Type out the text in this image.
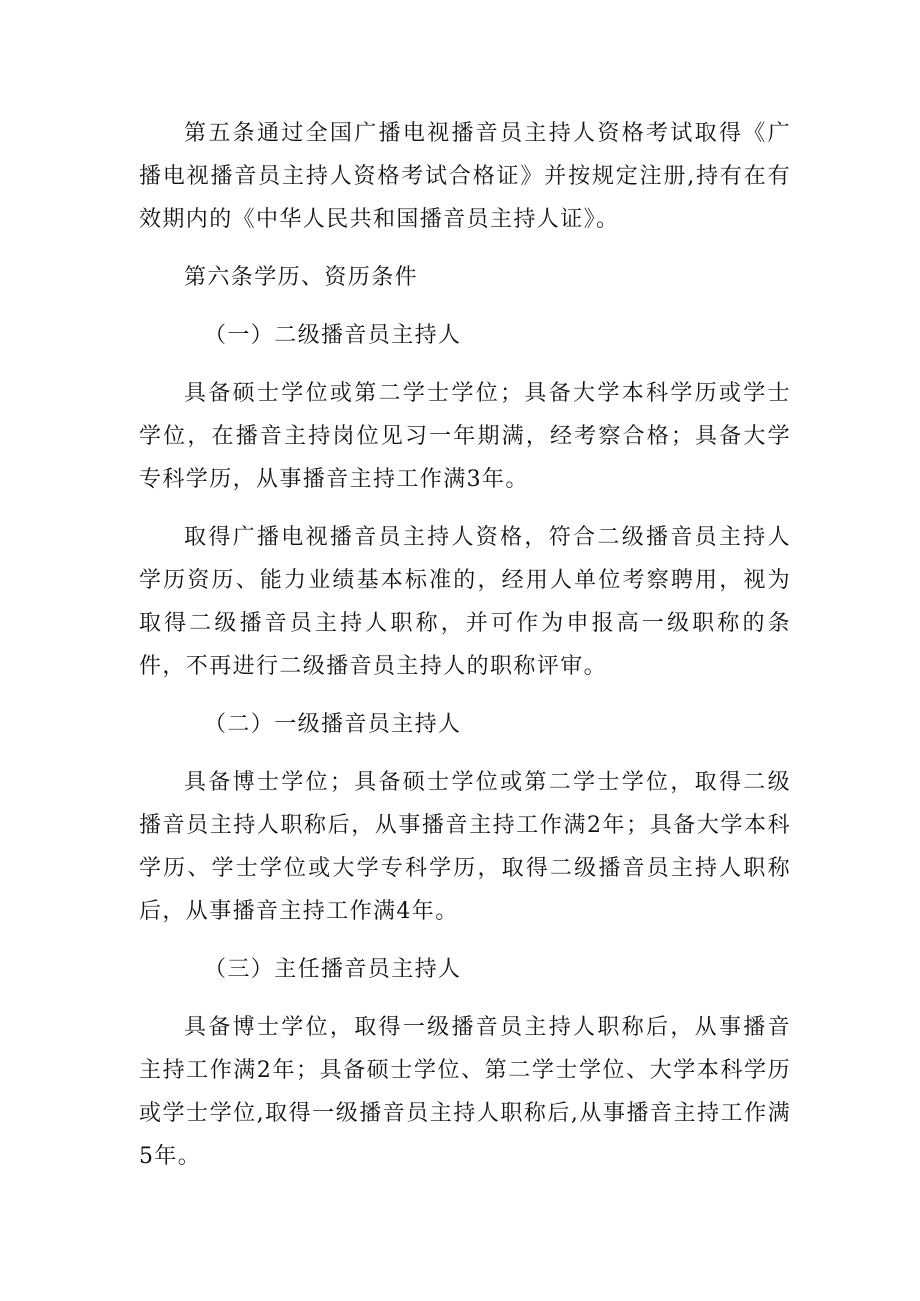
第五条通过全国广播电视播音员主持人资格考试取得《广播电视播音员主持人资格考试合格证》并按规定注册,持有在有效期内的《中华人民共和国播音员主持人证》。

第六条学历、资历条件

（一）二级播音员主持人

具备硕士学位或第二学士学位；具备大学本科学历或学士学位，在播音主持岗位见习一年期满，经考察合格；具备大学专科学历，从事播音主持工作满3年。

取得广播电视播音员主持人资格，符合二级播音员主持人学历资历、能力业绩基本标准的，经用人单位考察聘用，视为取得二级播音员主持人职称，并可作为申报高一级职称的条件，不再进行二级播音员主持人的职称评审。

（二）一级播音员主持人

具备博士学位；具备硕士学位或第二学士学位，取得二级播音员主持人职称后，从事播音主持工作满2年；具备大学本科学历、学士学位或大学专科学历，取得二级播音员主持人职称后，从事播音主持工作满4年。

（三）主任播音员主持人

具备博士学位，取得一级播音员主持人职称后，从事播音主持工作满2年；具备硕士学位、第二学士学位、大学本科学历或学士学位,取得一级播音员主持人职称后,从事播音主持工作满5年。
